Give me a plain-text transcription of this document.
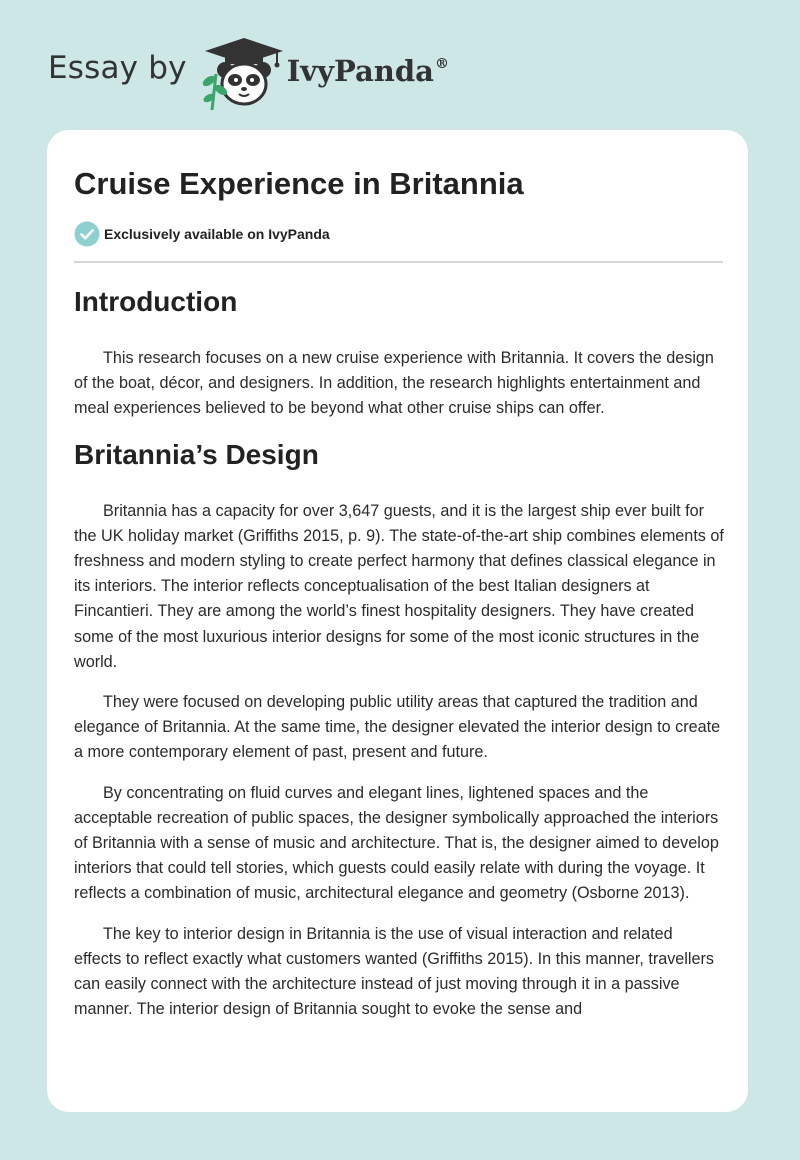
Essay by	IvyPanda®
Cruise Experience in Britannia
Exclusively available on IvyPanda
Introduction

This research focuses on a new cruise experience with Britannia. It covers the design of the boat, décor, and designers. In addition, the research highlights entertainment and meal experiences believed to be beyond what other cruise ships can offer.

Britannia’s Design

Britannia has a capacity for over 3,647 guests, and it is the largest ship ever built for the UK holiday market (Griffiths 2015, p. 9). The state-of-the-art ship combines elements of freshness and modern styling to create perfect harmony that defines classical elegance in its interiors. The interior reflects conceptualisation of the best Italian designers at Fincantieri. They are among the world’s finest hospitality designers. They have created some of the most luxurious interior designs for some of the most iconic structures in the world.

They were focused on developing public utility areas that captured the tradition and elegance of Britannia. At the same time, the designer elevated the interior design to create a more contemporary element of past, present and future.

By concentrating on fluid curves and elegant lines, lightened spaces and the acceptable recreation of public spaces, the designer symbolically approached the interiors of Britannia with a sense of music and architecture. That is, the designer aimed to develop interiors that could tell stories, which guests could easily relate with during the voyage. It reflects a combination of music, architectural elegance and geometry (Osborne 2013).

The key to interior design in Britannia is the use of visual interaction and related effects to reflect exactly what customers wanted (Griffiths 2015). In this manner, travellers can easily connect with the architecture instead of just moving through it in a passive manner. The interior design of Britannia sought to evoke the sense and
